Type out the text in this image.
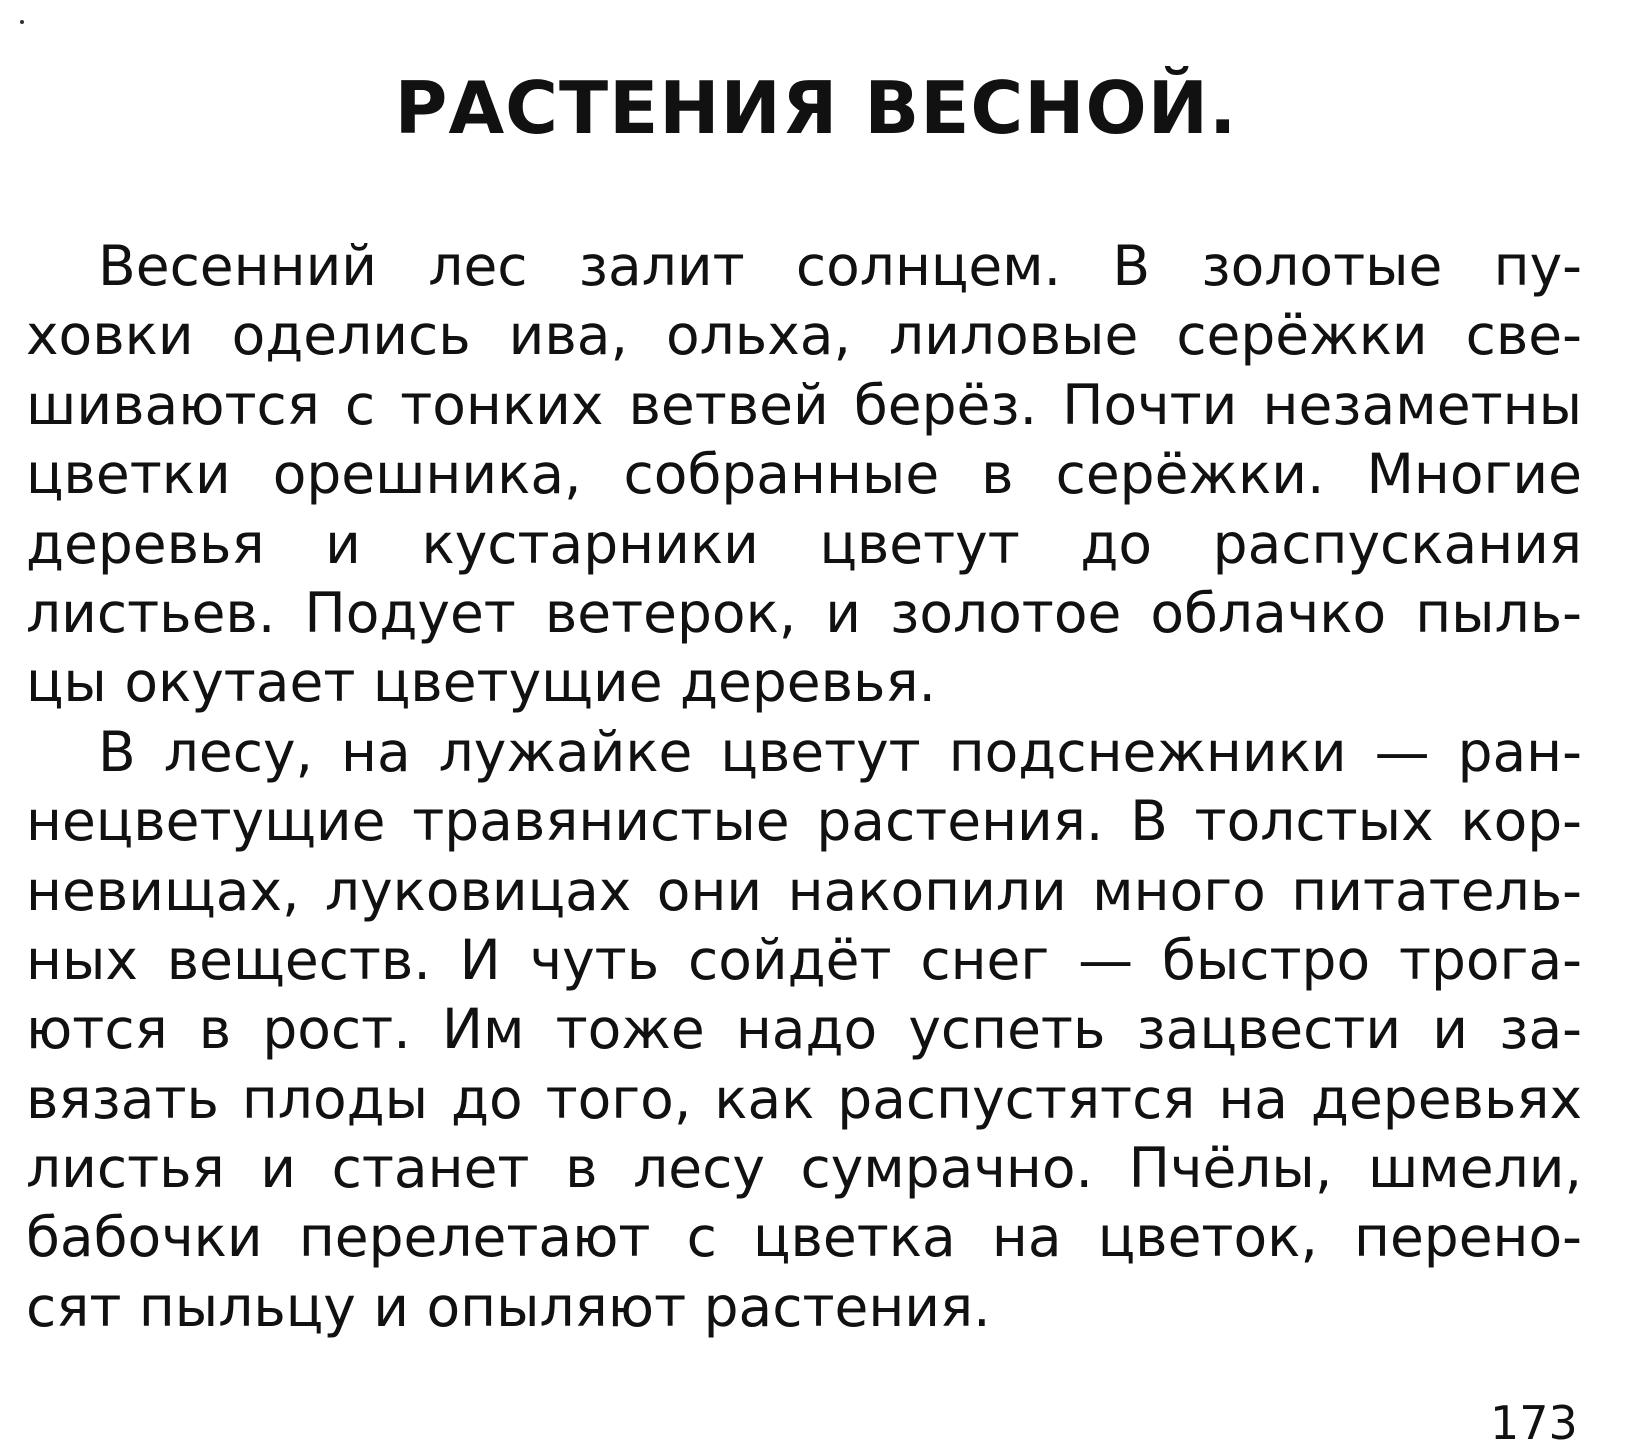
РАСТЕНИЯ ВЕСНОЙ.
Весенний лес залит солнцем. В золотые пу-
ховки оделись ива, ольха, лиловые серёжки све-
шиваются с тонких ветвей берёз. Почти незаметны
цветки орешника, собранные в серёжки. Многие
деревья и кустарники цветут до распускания
листьев. Подует ветерок, и золотое облачко пыль-
цы окутает цветущие деревья.
В лесу, на лужайке цветут подснежники — ран-
нецветущие травянистые растения. В толстых кор-
невищах, луковицах они накопили много питатель-
ных веществ. И чуть сойдёт снег — быстро трога-
ются в рост. Им тоже надо успеть зацвести и за-
вязать плоды до того, как распустятся на деревьях
листья и станет в лесу сумрачно. Пчёлы, шмели,
бабочки перелетают с цветка на цветок, перено-
сят пыльцу и опыляют растения.
173
